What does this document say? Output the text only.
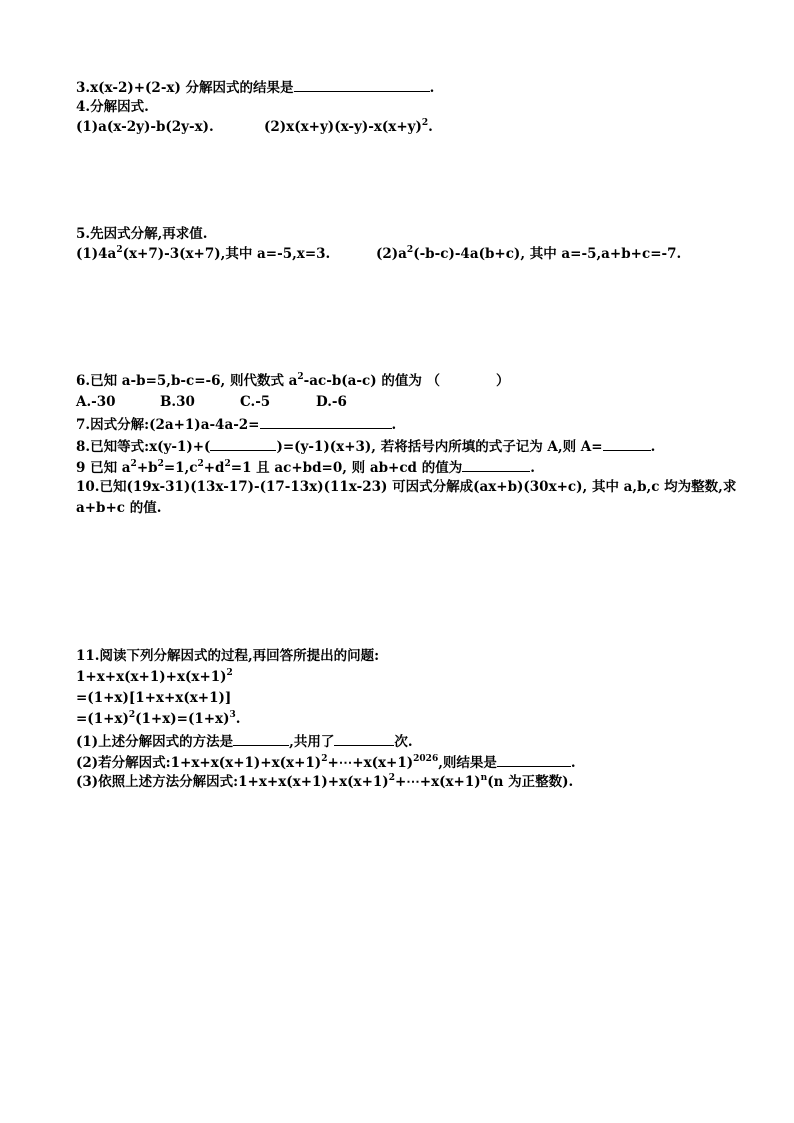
3.x(x-2)+(2-x) 分解因式的结果是	.
4.分解因式.
(1)a(x-2y)-b(2y-x).	$(2)x(x+y)(x-y)-x(x+y)^2$.
5.先因式分解,再求值.
$(1)4a^2(x+7)-3(x+7)$,其中 a=-5,x=3.	$(2)a^2(-b-c)-4a(b+c)$, 其中 a=-5,a+b+c=-7.
6.已知 a-b=5,b-c=-6, 则代数式 $a^2-ac-b(a-c)$ 的值为 （	）
A.-30	B.30	C.-5	D.-6
7.因式分解:(2a+1)a-4a-2=	.
8.已知等式:x(y-1)+(	)=(y-1)(x+3), 若将括号内所填的式子记为 A,则 A=	.
9 已知 $a^2+b^2=1,c^2+d^2=1$ 且 ac+bd=0, 则 ab+cd 的值为	.
10.已知(19x-31)(13x-17)-(17-13x)(11x-23) 可因式分解成(ax+b)(30x+c), 其中 a,b,c 均为整数,求
a+b+c 的值.
11.阅读下列分解因式的过程,再回答所提出的问题:
$1+x+x(x+1)+x(x+1)^2$
=(1+x)[1+x+x(x+1)]
$=(1+x)^2(1+x)=(1+x)^3$.
(1)上述分解因式的方法是	,共用了	次.
(2)若分解因式$:1+x+x(x+1)+x(x+1)^2+\cdots+x(x+1)^{2026}$,则结果是	.
(3)依照上述方法分解因式$:1+x+x(x+1)+x(x+1)^2+\cdots+x(x+1)^n(n$ 为正整数).
